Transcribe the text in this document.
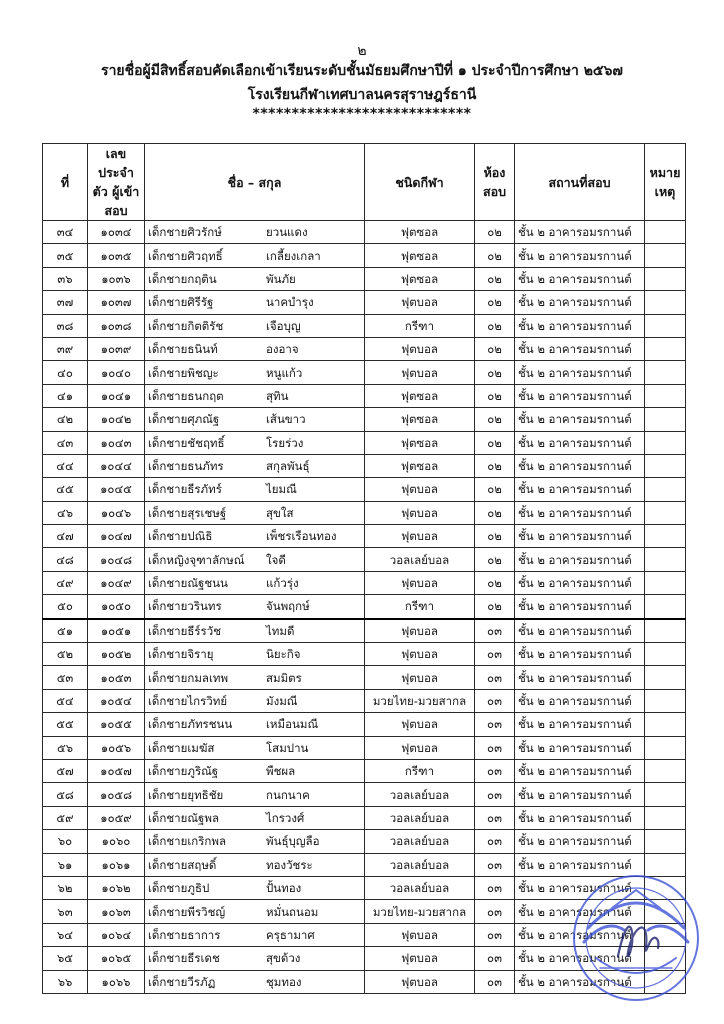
๒
รายชื่อผู้มีสิทธิ์สอบคัดเลือกเข้าเรียนระดับชั้นมัธยมศึกษาปีที่ ๑ ประจำปีการศึกษา ๒๕๖๗
โรงเรียนกีฬาเทศบาลนครสุราษฎร์ธานี
****************************
ที่	เลข ประจำตัว ผู้เข้าสอบ	ชื่อ – สกุล	ชนิดกีฬา	ห้อง สอบ	สถานที่สอบ	หมาย เหตุ
๓๔	๑๐๓๔	เด็กชายศิวรักษ์ ยวนแดง	ฟุตซอล	๐๒	ชั้น ๒ อาคารอมรกานต์	
๓๕	๑๐๓๕	เด็กชายศิวฤทธิ์ เกลี้ยงเกลา	ฟุตซอล	๐๒	ชั้น ๒ อาคารอมรกานต์	
๓๖	๑๐๓๖	เด็กชายกฤติน พันภัย	ฟุตซอล	๐๒	ชั้น ๒ อาคารอมรกานต์	
๓๗	๑๐๓๗	เด็กชายศิรีรัฐ นาคบำรุง	ฟุตบอล	๐๒	ชั้น ๒ อาคารอมรกานต์	
๓๘	๑๐๓๘	เด็กชายกิตติรัช เจือบุญ	กรีฑา	๐๒	ชั้น ๒ อาคารอมรกานต์	
๓๙	๑๐๓๙	เด็กชายธนินท์ องอาจ	ฟุตบอล	๐๒	ชั้น ๒ อาคารอมรกานต์	
๔๐	๑๐๔๐	เด็กชายพิชญะ หนูแก้ว	ฟุตบอล	๐๒	ชั้น ๒ อาคารอมรกานต์	
๔๑	๑๐๔๑	เด็กชายธนกฤต สุทิน	ฟุตซอล	๐๒	ชั้น ๒ อาคารอมรกานต์	
๔๒	๑๐๔๒	เด็กชายศุภณัฐ เส้นขาว	ฟุตซอล	๐๒	ชั้น ๒ อาคารอมรกานต์	
๔๓	๑๐๔๓	เด็กชายชัชฤทธิ์ โรยร่วง	ฟุตซอล	๐๒	ชั้น ๒ อาคารอมรกานต์	
๔๔	๑๐๔๔	เด็กชายธนภัทร สกุลพันธุ์	ฟุตซอล	๐๒	ชั้น ๒ อาคารอมรกานต์	
๔๕	๑๐๔๕	เด็กชายธีรภัทร์ ไยมณี	ฟุตบอล	๐๒	ชั้น ๒ อาคารอมรกานต์	
๔๖	๑๐๔๖	เด็กชายสุรเชษฐ์ สุขใส	ฟุตบอล	๐๒	ชั้น ๒ อาคารอมรกานต์	
๔๗	๑๐๔๗	เด็กชายปณิธิ เพ็ชรเรือนทอง	ฟุตบอล	๐๒	ชั้น ๒ อาคารอมรกานต์	
๔๘	๑๐๔๘	เด็กหญิงจุฑาลักษณ์ ใจดี	วอลเลย์บอล	๐๒	ชั้น ๒ อาคารอมรกานต์	
๔๙	๑๐๔๙	เด็กชายณัฐชนน แก้วรุ่ง	ฟุตบอล	๐๒	ชั้น ๒ อาคารอมรกานต์	
๕๐	๑๐๕๐	เด็กชายวรินทร จันพฤกษ์	กรีฑา	๐๒	ชั้น ๒ อาคารอมรกานต์	
๕๑	๑๐๕๑	เด็กชายธีร์รวัช ไทมดี	ฟุตบอล	๐๓	ชั้น ๒ อาคารอมรกานต์	
๕๒	๑๐๕๒	เด็กชายจิรายุ นิยะกิจ	ฟุตบอล	๐๓	ชั้น ๒ อาคารอมรกานต์	
๕๓	๑๐๕๓	เด็กชายกมลเทพ สมมิตร	ฟุตบอล	๐๓	ชั้น ๒ อาคารอมรกานต์	
๕๔	๑๐๕๔	เด็กชายไกรวิทย์ มังมณี	มวยไทย-มวยสากล	๐๓	ชั้น ๒ อาคารอมรกานต์	
๕๕	๑๐๕๕	เด็กชายภัทรชนน เหมือนมณี	ฟุตบอล	๐๓	ชั้น ๒ อาคารอมรกานต์	
๕๖	๑๐๕๖	เด็กชายเมฆัส โสมปาน	ฟุตบอล	๐๓	ชั้น ๒ อาคารอมรกานต์	
๕๗	๑๐๕๗	เด็กชายภูริณัฐ พืชผล	กรีฑา	๐๓	ชั้น ๒ อาคารอมรกานต์	
๕๘	๑๐๕๘	เด็กชายยุทธิชัย กนกนาค	วอลเลย์บอล	๐๓	ชั้น ๒ อาคารอมรกานต์	
๕๙	๑๐๕๙	เด็กชายณัฐพล ไกรวงศ์	วอลเลย์บอล	๐๓	ชั้น ๒ อาคารอมรกานต์	
๖๐	๑๐๖๐	เด็กชายเกริกพล พันธุ์บุญลือ	วอลเลย์บอล	๐๓	ชั้น ๒ อาคารอมรกานต์	
๖๑	๑๐๖๑	เด็กชายสฤษดิ์ ทองวัชระ	วอลเลย์บอล	๐๓	ชั้น ๒ อาคารอมรกานต์	
๖๒	๑๐๖๒	เด็กชายภูธิป ปั้นทอง	วอลเลย์บอล	๐๓	ชั้น ๒ อาคารอมรกานต์	
๖๓	๑๐๖๓	เด็กชายพีรวิชญ์ หมั่นถนอม	มวยไทย-มวยสากล	๐๓	ชั้น ๒ อาคารอมรกานต์	
๖๔	๑๐๖๔	เด็กชายธาการ ครุธามาศ	ฟุตบอล	๐๓	ชั้น ๒ อาคารอมรกานต์	
๖๕	๑๐๖๕	เด็กชายธีรเดช สุขด้วง	ฟุตบอล	๐๓	ชั้น ๒ อาคารอมรกานต์	
๖๖	๑๐๖๖	เด็กชายวีรภัฏ ชุมทอง	ฟุตบอล	๐๓	ชั้น ๒ อาคารอมรกานต์	
